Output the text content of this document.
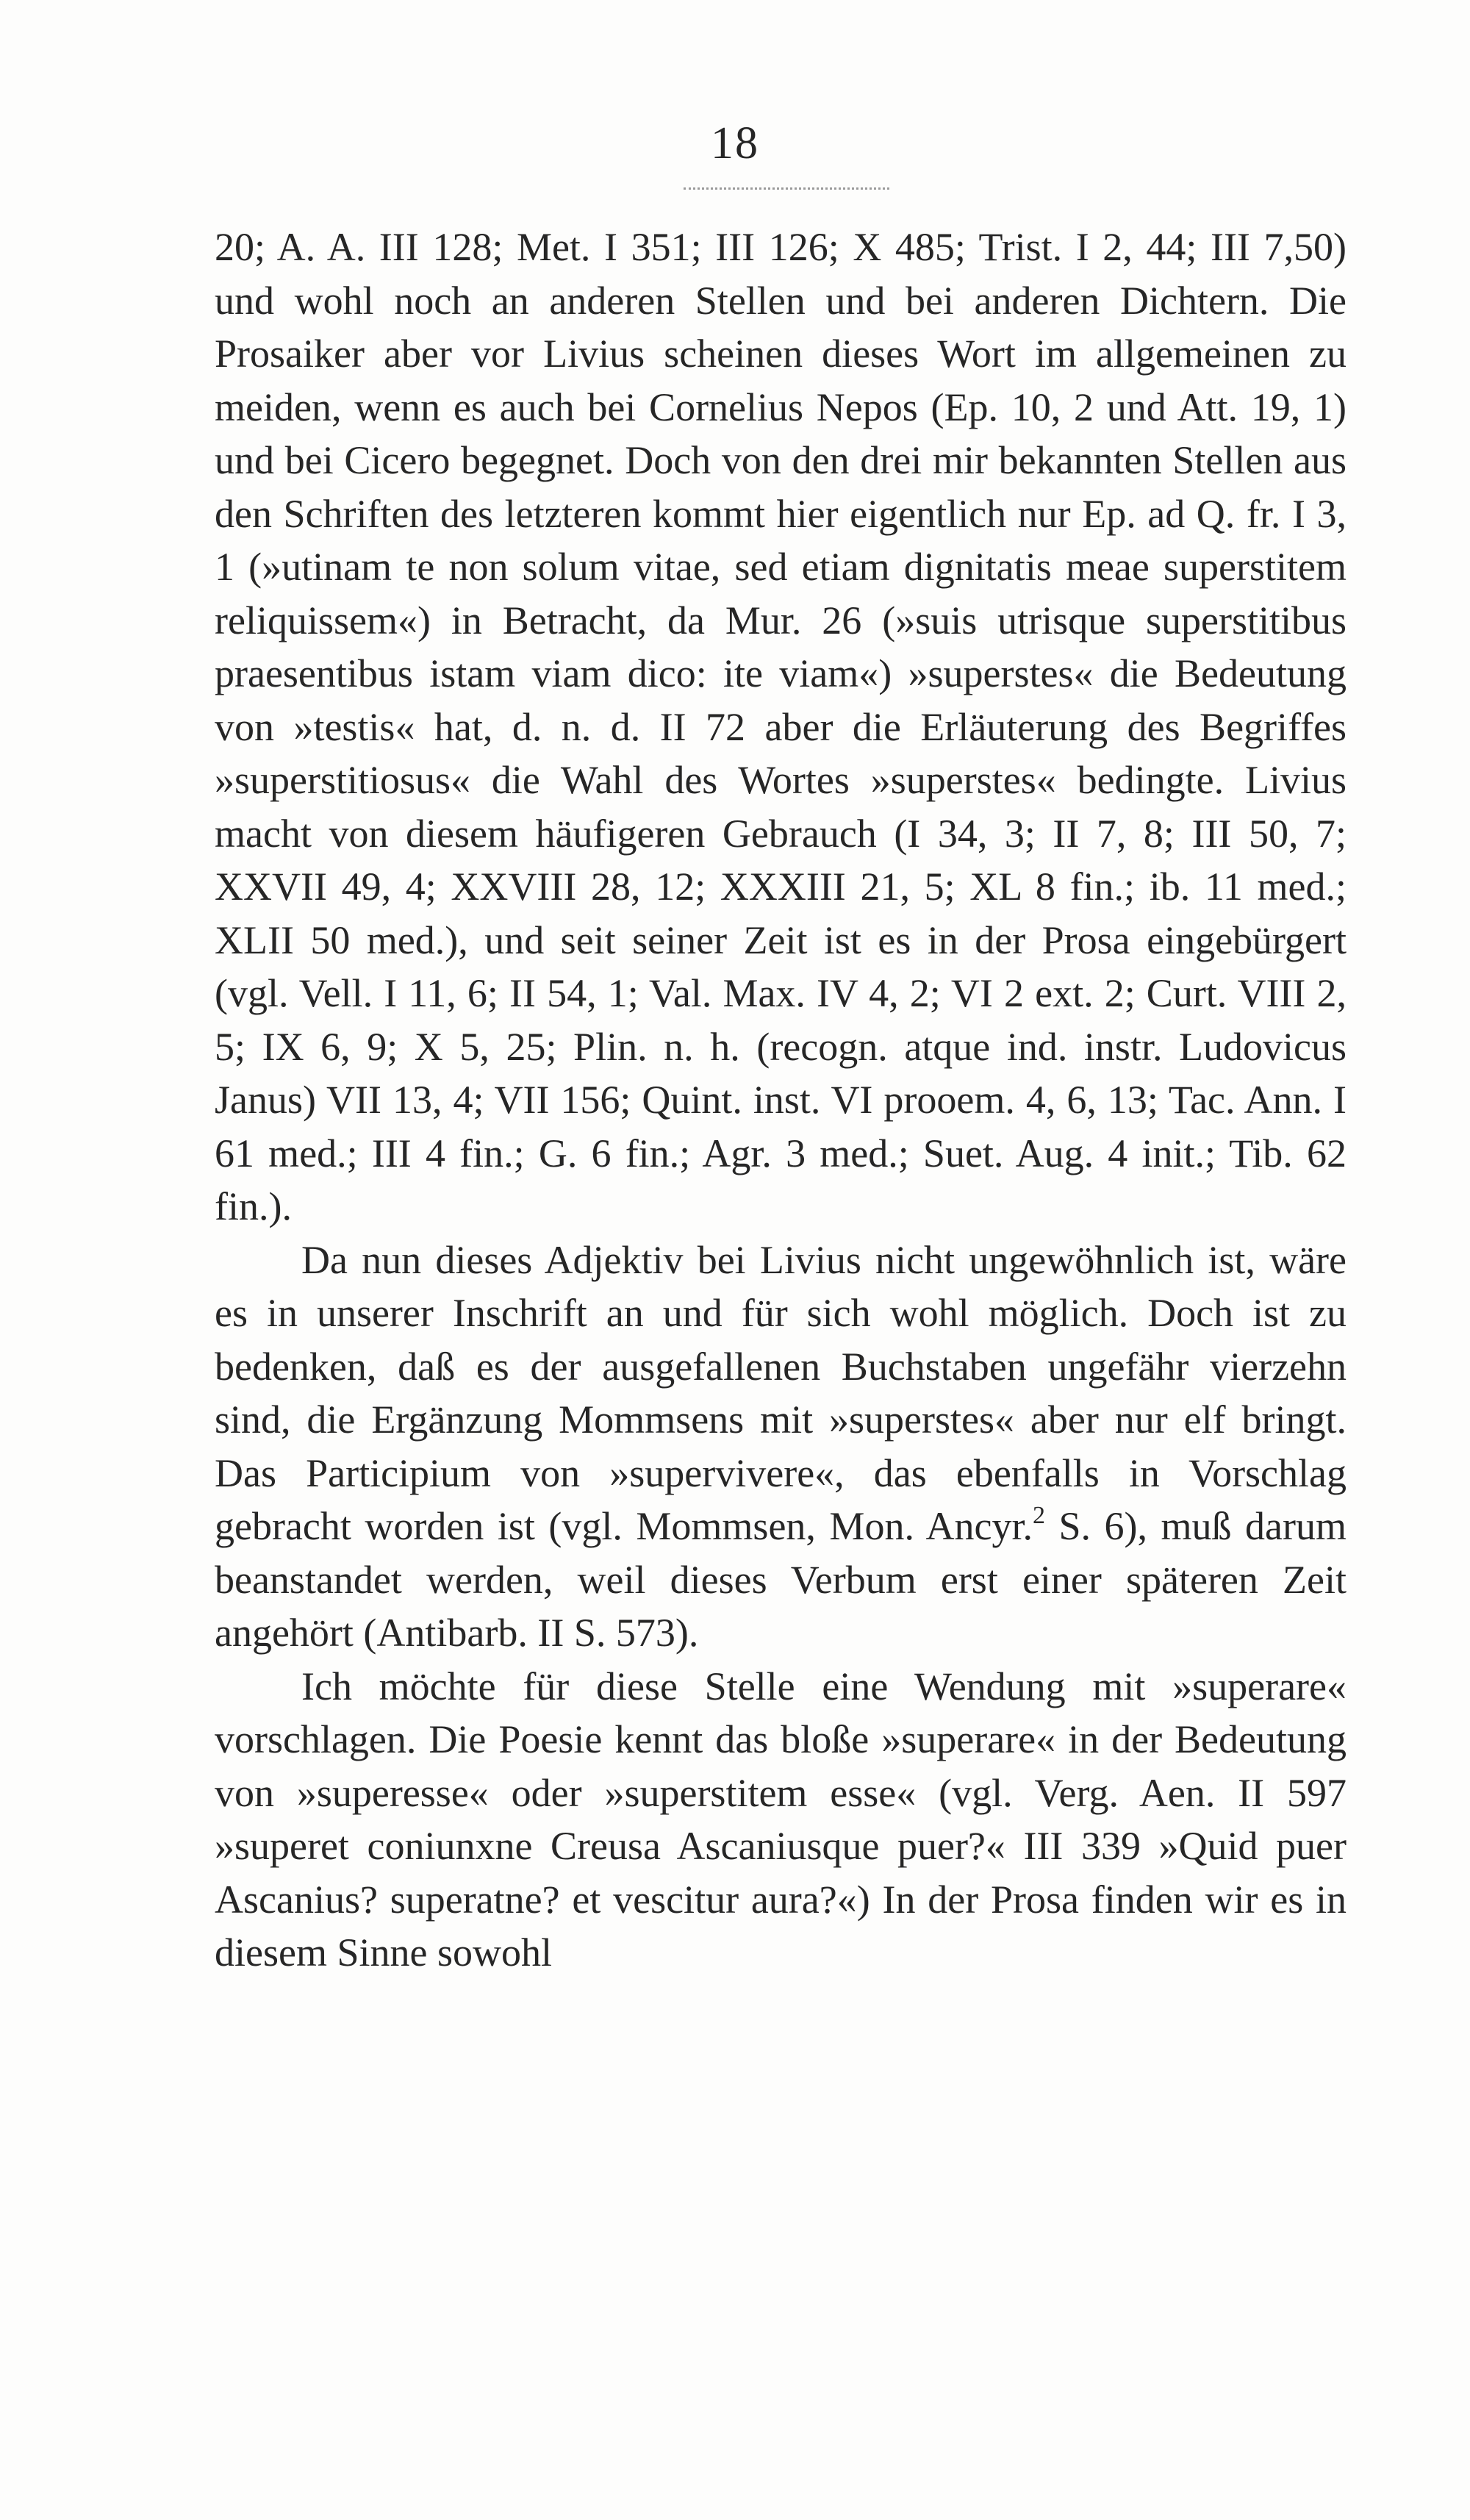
18

20; A. A. III 128; Met. I 351; III 126; X 485; Trist. I 2, 44; III 7,50) und wohl noch an anderen Stellen und bei anderen Dichtern. Die Prosaiker aber vor Livius scheinen dieses Wort im allgemeinen zu meiden, wenn es auch bei Cornelius Nepos (Ep. 10, 2 und Att. 19, 1) und bei Cicero begegnet. Doch von den drei mir bekannten Stellen aus den Schriften des letzteren kommt hier eigentlich nur Ep. ad Q. fr. I 3, 1 (»utinam te non solum vitae, sed etiam dignitatis meae superstitem reliquissem«) in Betracht, da Mur. 26 (»suis utrisque superstitibus praesentibus istam viam dico: ite viam«) »superstes« die Bedeutung von »testis« hat, d. n. d. II 72 aber die Erläuterung des Begriffes »superstitiosus« die Wahl des Wortes »superstes« bedingte. Livius macht von diesem häufigeren Gebrauch (I 34, 3; II 7, 8; III 50, 7; XXVII 49, 4; XXVIII 28, 12; XXXIII 21, 5; XL 8 fin.; ib. 11 med.; XLII 50 med.), und seit seiner Zeit ist es in der Prosa eingebürgert (vgl. Vell. I 11, 6; II 54, 1; Val. Max. IV 4, 2; VI 2 ext. 2; Curt. VIII 2, 5; IX 6, 9; X 5, 25; Plin. n. h. (recogn. atque ind. instr. Ludovicus Janus) VII 13, 4; VII 156; Quint. inst. VI prooem. 4, 6, 13; Tac. Ann. I 61 med.; III 4 fin.; G. 6 fin.; Agr. 3 med.; Suet. Aug. 4 init.; Tib. 62 fin.).

Da nun dieses Adjektiv bei Livius nicht ungewöhnlich ist, wäre es in unserer Inschrift an und für sich wohl möglich. Doch ist zu bedenken, daß es der ausgefallenen Buchstaben ungefähr vierzehn sind, die Ergänzung Mommsens mit »superstes« aber nur elf bringt. Das Participium von »supervivere«, das ebenfalls in Vorschlag gebracht worden ist (vgl. Mommsen, Mon. Ancyr.$^2$ S. 6), muß darum beanstandet werden, weil dieses Verbum erst einer späteren Zeit angehört (Antibarb. II S. 573).

Ich möchte für diese Stelle eine Wendung mit »superare« vorschlagen. Die Poesie kennt das bloße »superare« in der Bedeutung von »superesse« oder »superstitem esse« (vgl. Verg. Aen. II 597 »superet coniunxne Creusa Ascaniusque puer?« III 339 »Quid puer Ascanius? superatne? et vescitur aura?«) In der Prosa finden wir es in diesem Sinne sowohl
